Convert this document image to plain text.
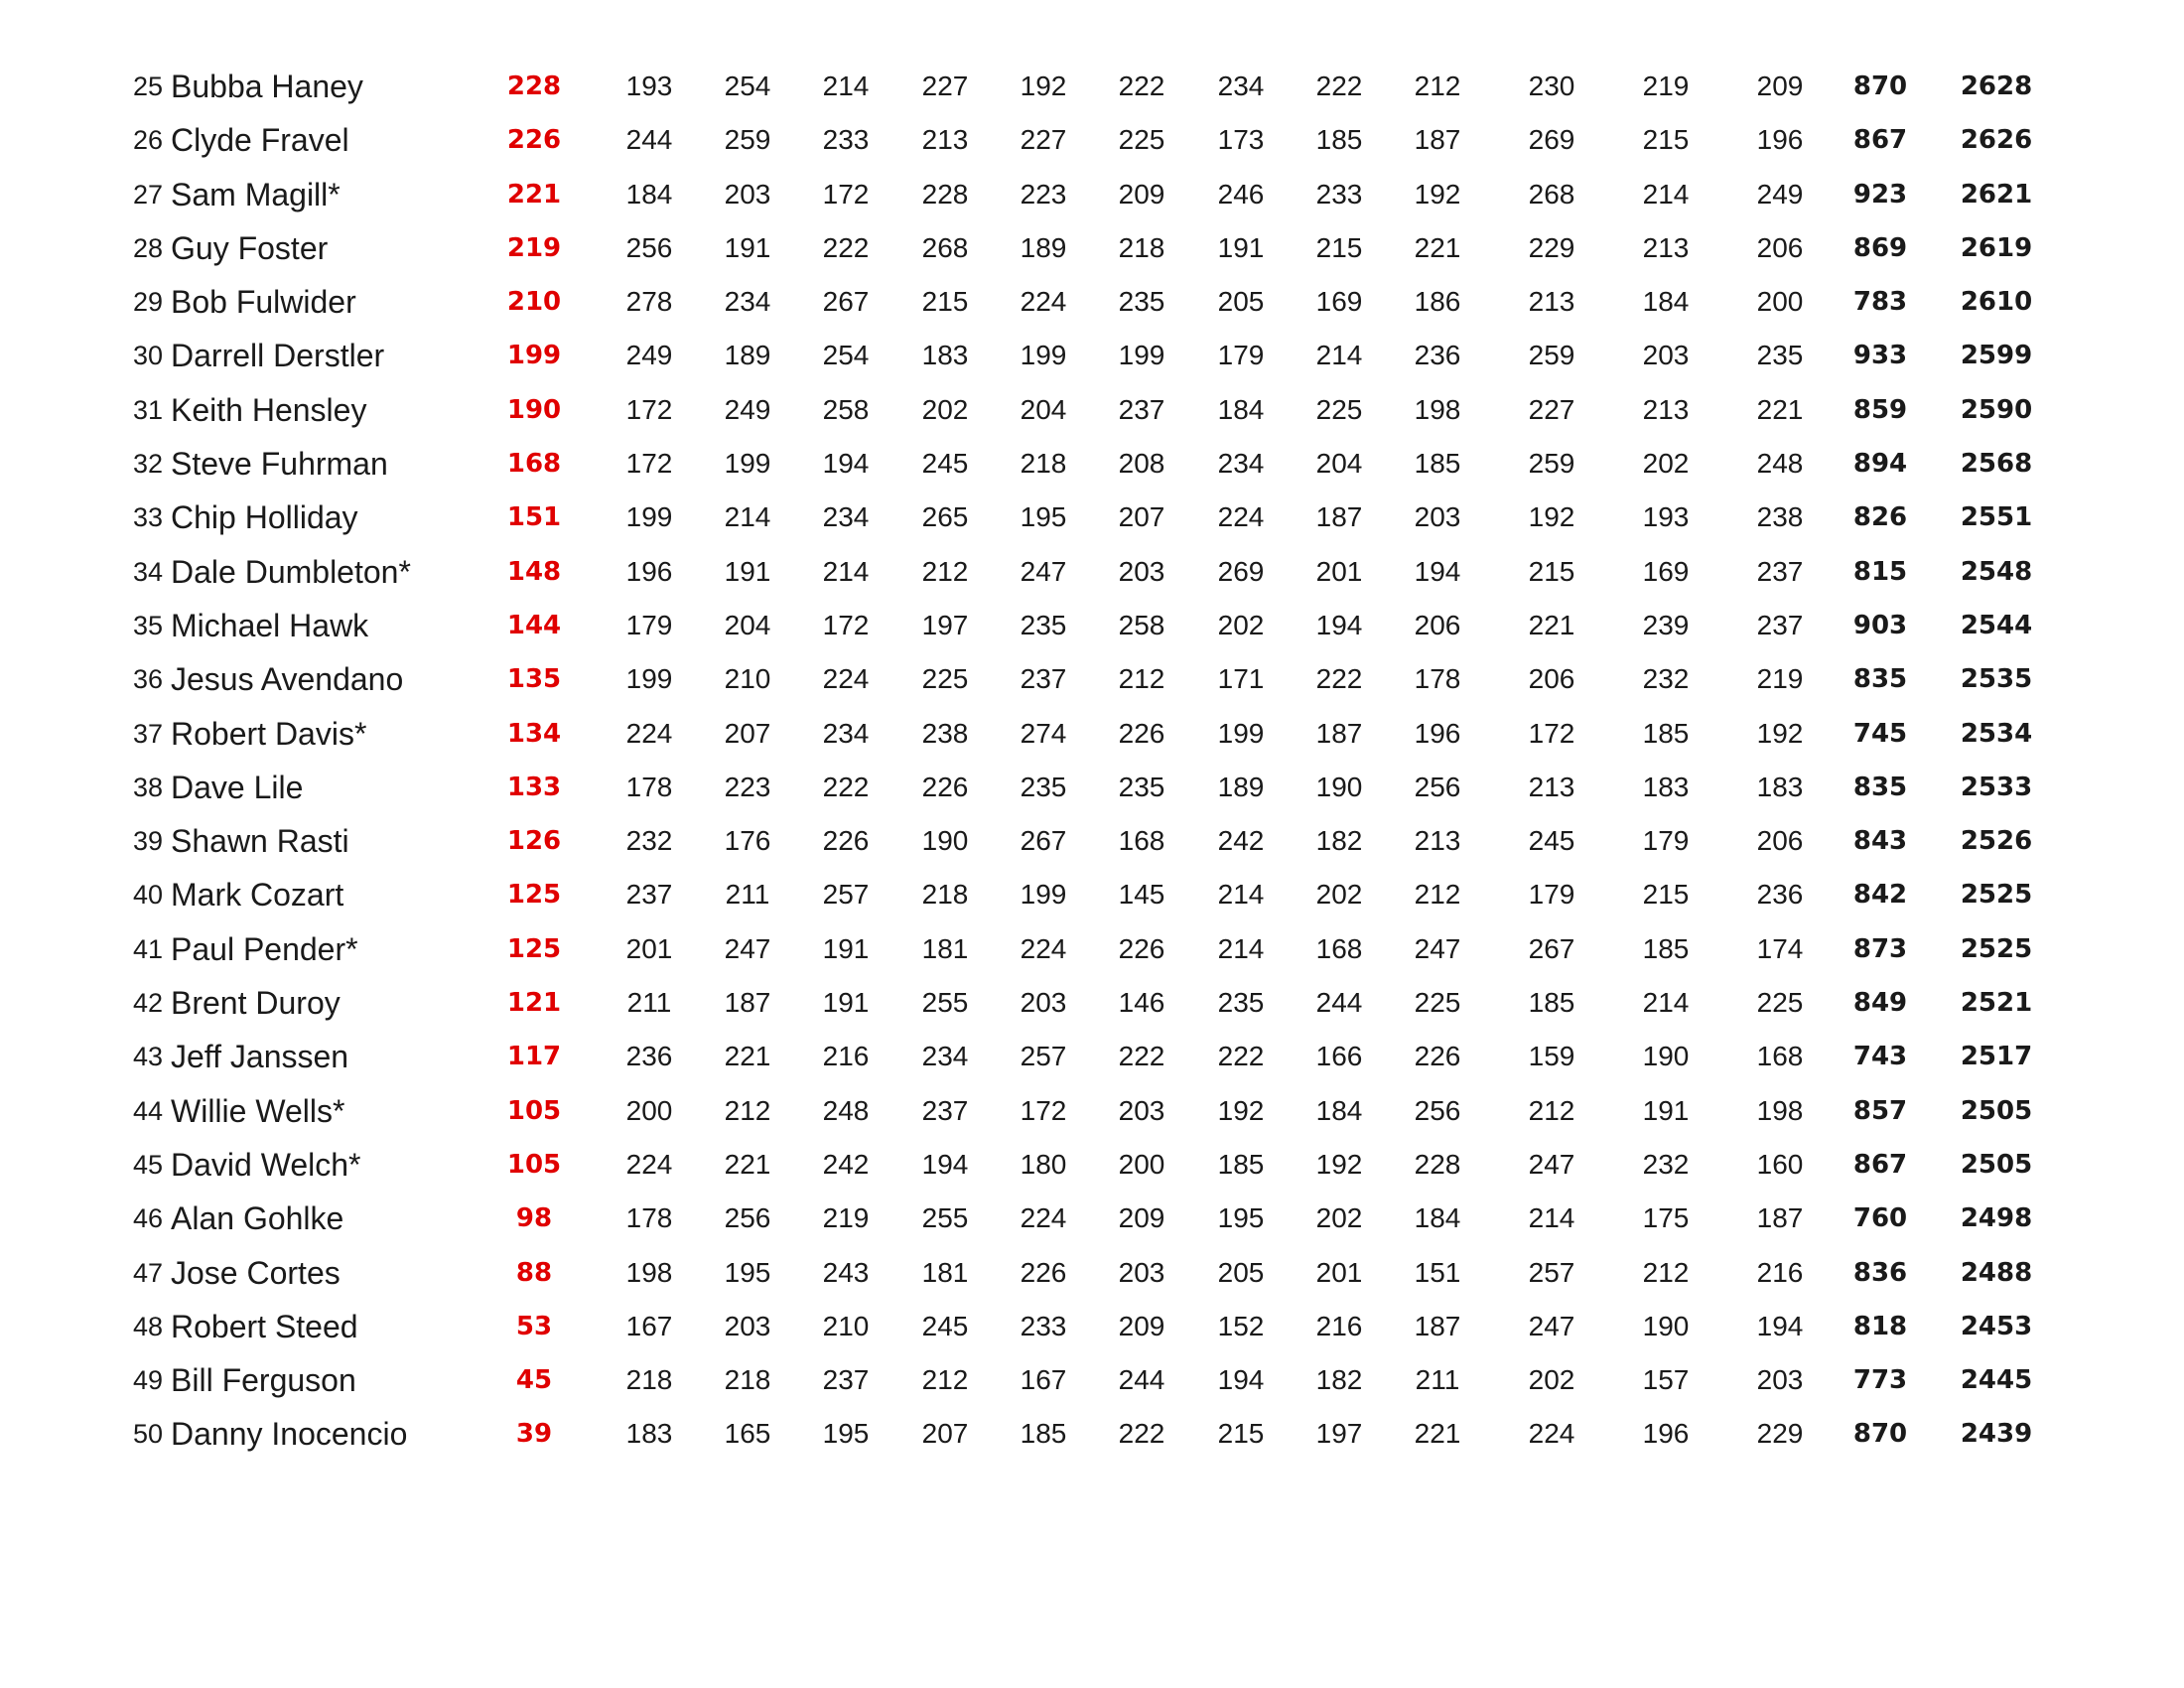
25 Bubba Haney	228	193	254	214	227	192	222	234	222	212	230	219	209	870	2628
26 Clyde Fravel	226	244	259	233	213	227	225	173	185	187	269	215	196	867	2626
27 Sam Magill*	221	184	203	172	228	223	209	246	233	192	268	214	249	923	2621
28 Guy Foster	219	256	191	222	268	189	218	191	215	221	229	213	206	869	2619
29 Bob Fulwider	210	278	234	267	215	224	235	205	169	186	213	184	200	783	2610
30 Darrell Derstler	199	249	189	254	183	199	199	179	214	236	259	203	235	933	2599
31 Keith Hensley	190	172	249	258	202	204	237	184	225	198	227	213	221	859	2590
32 Steve Fuhrman	168	172	199	194	245	218	208	234	204	185	259	202	248	894	2568
33 Chip Holliday	151	199	214	234	265	195	207	224	187	203	192	193	238	826	2551
34 Dale Dumbleton*	148	196	191	214	212	247	203	269	201	194	215	169	237	815	2548
35 Michael Hawk	144	179	204	172	197	235	258	202	194	206	221	239	237	903	2544
36 Jesus Avendano	135	199	210	224	225	237	212	171	222	178	206	232	219	835	2535
37 Robert Davis*	134	224	207	234	238	274	226	199	187	196	172	185	192	745	2534
38 Dave Lile	133	178	223	222	226	235	235	189	190	256	213	183	183	835	2533
39 Shawn Rasti	126	232	176	226	190	267	168	242	182	213	245	179	206	843	2526
40 Mark Cozart	125	237	211	257	218	199	145	214	202	212	179	215	236	842	2525
41 Paul Pender*	125	201	247	191	181	224	226	214	168	247	267	185	174	873	2525
42 Brent Duroy	121	211	187	191	255	203	146	235	244	225	185	214	225	849	2521
43 Jeff Janssen	117	236	221	216	234	257	222	222	166	226	159	190	168	743	2517
44 Willie Wells*	105	200	212	248	237	172	203	192	184	256	212	191	198	857	2505
45 David Welch*	105	224	221	242	194	180	200	185	192	228	247	232	160	867	2505
46 Alan Gohlke	98	178	256	219	255	224	209	195	202	184	214	175	187	760	2498
47 Jose Cortes	88	198	195	243	181	226	203	205	201	151	257	212	216	836	2488
48 Robert Steed	53	167	203	210	245	233	209	152	216	187	247	190	194	818	2453
49 Bill Ferguson	45	218	218	237	212	167	244	194	182	211	202	157	203	773	2445
50 Danny Inocencio	39	183	165	195	207	185	222	215	197	221	224	196	229	870	2439
